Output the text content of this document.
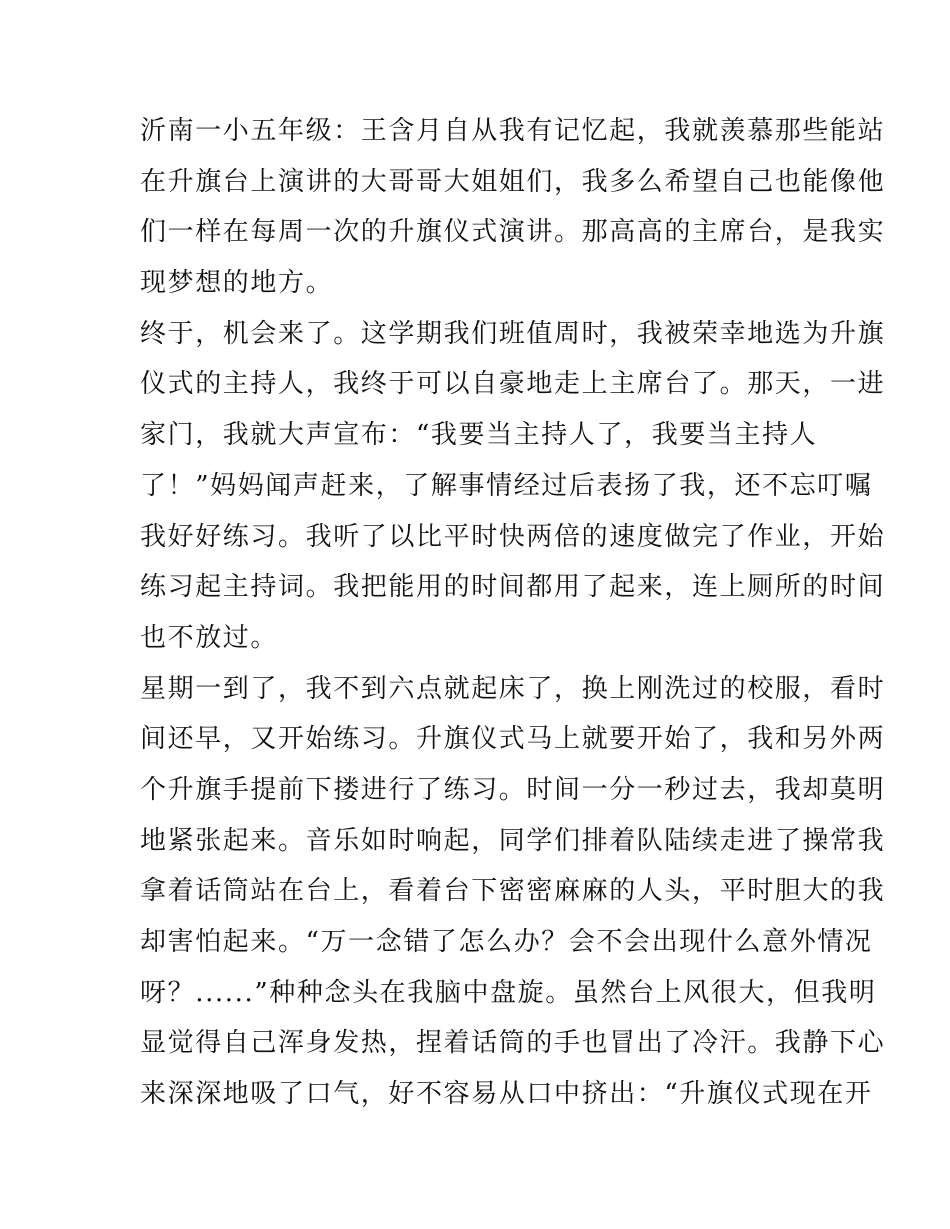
沂南一小五年级：王含月自从我有记忆起，我就羡慕那些能站
在升旗台上演讲的大哥哥大姐姐们，我多么希望自己也能像他
们一样在每周一次的升旗仪式演讲。那高高的主席台，是我实
现梦想的地方。
终于，机会来了。这学期我们班值周时，我被荣幸地选为升旗
仪式的主持人，我终于可以自豪地走上主席台了。那天，一进
家门，我就大声宣布：“我要当主持人了，我要当主持人
了！”妈妈闻声赶来，了解事情经过后表扬了我，还不忘叮嘱
我好好练习。我听了以比平时快两倍的速度做完了作业，开始
练习起主持词。我把能用的时间都用了起来，连上厕所的时间
也不放过。
星期一到了，我不到六点就起床了，换上刚洗过的校服，看时
间还早，又开始练习。升旗仪式马上就要开始了，我和另外两
个升旗手提前下搂进行了练习。时间一分一秒过去，我却莫明
地紧张起来。音乐如时响起，同学们排着队陆续走进了操常我
拿着话筒站在台上，看着台下密密麻麻的人头，平时胆大的我
却害怕起来。“万一念错了怎么办？会不会出现什么意外情况
呀？......”种种念头在我脑中盘旋。虽然台上风很大，但我明
显觉得自己浑身发热，捏着话筒的手也冒出了冷汗。我静下心
来深深地吸了口气，好不容易从口中挤出：“升旗仪式现在开
